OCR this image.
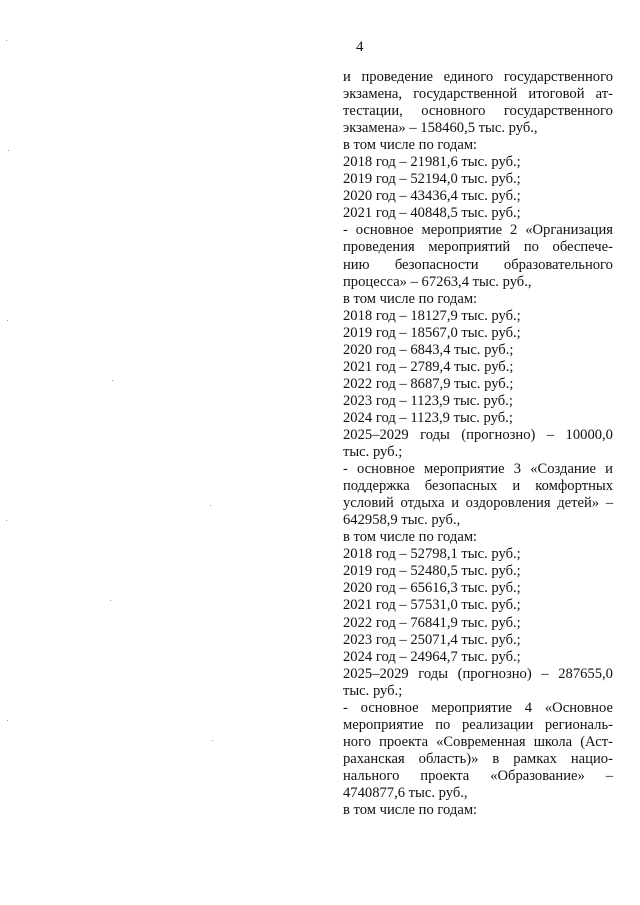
4
и проведение единого государственного
экзамена, государственной итоговой ат-
тестации, основного государственного
экзамена» – 158460,5 тыс. руб.,
в том числе по годам:
2018 год – 21981,6 тыс. руб.;
2019 год – 52194,0 тыс. руб.;
2020 год – 43436,4 тыс. руб.;
2021 год – 40848,5 тыс. руб.;
- основное мероприятие 2 «Организация
проведения мероприятий по обеспече-
нию безопасности образовательного
процесса» – 67263,4 тыс. руб.,
в том числе по годам:
2018 год – 18127,9 тыс. руб.;
2019 год – 18567,0 тыс. руб.;
2020 год – 6843,4 тыс. руб.;
2021 год – 2789,4 тыс. руб.;
2022 год – 8687,9 тыс. руб.;
2023 год – 1123,9 тыс. руб.;
2024 год – 1123,9 тыс. руб.;
2025–2029 годы (прогнозно) – 10000,0
тыс. руб.;
- основное мероприятие 3 «Создание и
поддержка безопасных и комфортных
условий отдыха и оздоровления детей» –
642958,9 тыс. руб.,
в том числе по годам:
2018 год – 52798,1 тыс. руб.;
2019 год – 52480,5 тыс. руб.;
2020 год – 65616,3 тыс. руб.;
2021 год – 57531,0 тыс. руб.;
2022 год – 76841,9 тыс. руб.;
2023 год – 25071,4 тыс. руб.;
2024 год – 24964,7 тыс. руб.;
2025–2029 годы (прогнозно) – 287655,0
тыс. руб.;
- основное мероприятие 4 «Основное
мероприятие по реализации региональ-
ного проекта «Современная школа (Аст-
раханская область)» в рамках нацио-
нального проекта «Образование» –
4740877,6 тыс. руб.,
в том числе по годам:
